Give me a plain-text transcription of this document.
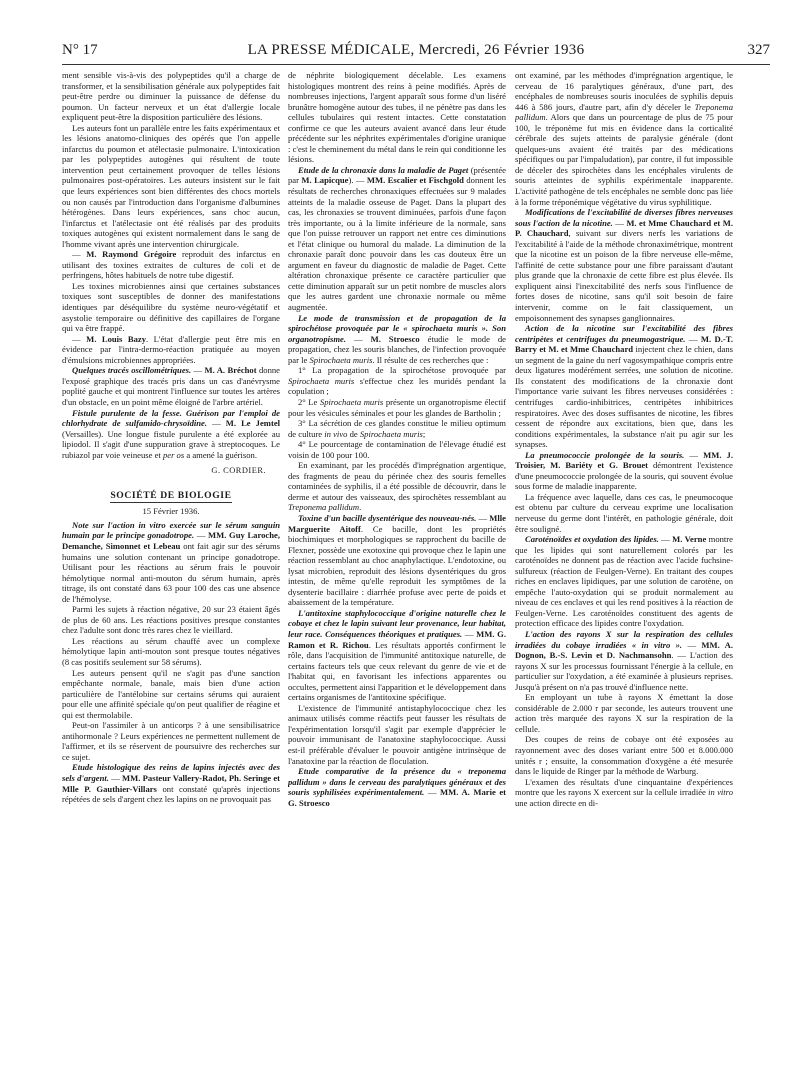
N° 17	LA PRESSE MÉDICALE, Mercredi, 26 Février 1936	327

ment sensible vis-à-vis des polypeptides qu'il a charge de transformer, et la sensibilisation générale aux polypeptides fait peut-être perdre ou diminuer la puissance de défense du poumon. Un facteur nerveux et un état d'allergie locale expliquent peut-être la disposition particulière des lésions.

Les auteurs font un parallèle entre les faits expérimentaux et les lésions anatomo-cliniques des opérés que l'on appelle infarctus du poumon et atélectasie pulmonaire. L'intoxication par les polypeptides autogènes qui résultent de toute intervention peut certainement provoquer de telles lésions pulmonaires post-opératoires. Les auteurs insistent sur le fait que leurs expériences sont bien différentes des chocs mortels ou non causés par l'introduction dans l'organisme d'albumines hétérogènes. Dans leurs expériences, sans choc aucun, l'infarctus et l'atélectasie ont été réalisés par des produits toxiques autogènes qui existent normalement dans le sang de l'homme vivant après une intervention chirurgicale.

— M. Raymond Grégoire reproduit des infarctus en utilisant des toxines extraites de cultures de coli et de perfringens, hôtes habituels de notre tube digestif.

Les toxines microbiennes ainsi que certaines substances toxiques sont susceptibles de donner des manifestations identiques par déséquilibre du système neuro-végétatif et asystolie temporaire ou définitive des capillaires de l'organe qui va être frappé.

— M. Louis Bazy. L'état d'allergie peut être mis en évidence par l'intra-dermo-réaction pratiquée au moyen d'émulsions microbiennes appropriées.

Quelques tracés oscillométriques. — M. A. Bréchot donne l'exposé graphique des tracés pris dans un cas d'anévrysme poplité gauche et qui montrent l'influence sur toutes les artères d'un obstacle, en un point même éloigné de l'arbre artériel.

Fistule purulente de la fesse. Guérison par l'emploi de chlorhydrate de sulfamido-chrysoïdine. — M. Le Jemtel (Versailles). Une longue fistule purulente a été explorée au lipiodol. Il s'agit d'une suppuration grave à streptocoques. Le rubiazol par voie veineuse et per os a amené la guérison.

G. CORDIER.
SOCIÉTÉ DE BIOLOGIE
15 Février 1936.

Note sur l'action in vitro exercée sur le sérum sanguin humain par le principe gonadotrope. — MM. Guy Laroche, Demanche, Simonnet et Lebeau ont fait agir sur des sérums humains une solution contenant un principe gonadotrope. Utilisant pour les réactions au sérum frais le pouvoir hémolytique normal anti-mouton du sérum humain, après titrage, ils ont constaté dans 63 pour 100 des cas une absence de l'hémolyse.

Parmi les sujets à réaction négative, 20 sur 23 étaient âgés de plus de 60 ans. Les réactions positives presque constantes chez l'adulte sont donc très rares chez le vieillard.

Les réactions au sérum chauffé avec un complexe hémolytique lapin anti-mouton sont presque toutes négatives (8 cas positifs seulement sur 58 sérums).

Les auteurs pensent qu'il ne s'agit pas d'une sanction empêchante normale, banale, mais bien d'une action particulière de l'antélobine sur certains sérums qui auraient pour elle une affinité spéciale qu'on peut qualifier de réagine et qui est thermolabile.

Peut-on l'assimiler à un anticorps ? à une sensibilisatrice antihormonale ? Leurs expériences ne permettent nullement de l'affirmer, et ils se réservent de poursuivre des recherches sur ce sujet.

Etude histologique des reins de lapins injectés avec des sels d'argent. — MM. Pasteur Vallery-Radot, Ph. Seringe et Mlle P. Gauthier-Villars ont constaté qu'après injections répétées de sels d'argent chez les lapins on ne provoquait pas

de néphrite biologiquement décelable. Les examens histologiques montrent des reins à peine modifiés. Après de nombreuses injections, l'argent apparaît sous forme d'un liséré brunâtre homogène autour des tubes, il ne pénètre pas dans les cellules tubulaires qui restent intactes. Cette constatation confirme ce que les auteurs avaient avancé dans leur étude précédente sur les néphrites expérimentales d'origine uranique : c'est le cheminement du métal dans le rein qui conditionne les lésions.

Etude de la chronaxie dans la maladie de Paget (présentée par M. Lapicque). — MM. Escalier et Fischgold donnent les résultats de recherches chronaxiques effectuées sur 9 malades atteints de la maladie osseuse de Paget. Dans la plupart des cas, les chronaxies se trouvent diminuées, parfois d'une façon très importante, ou à la limite inférieure de la normale, sans que l'on puisse retrouver un rapport net entre ces diminutions et l'état clinique ou humoral du malade. La diminution de la chronaxie paraît donc pouvoir dans les cas douteux être un argument en faveur du diagnostic de maladie de Paget. Cette altération chronaxique présente ce caractère particulier que cette diminution apparaît sur un petit nombre de muscles alors que les autres gardent une chronaxie normale ou même augmentée.

Le mode de transmission et de propagation de la spirochétose provoquée par le « spirochaeta muris ». Son organotropisme. — M. Stroesco étudie le mode de propagation, chez les souris blanches, de l'infection provoquée par le Spirochaeta muris. Il résulte de ces recherches que :

1° La propagation de la spirochétose provoquée par Spirochaeta muris s'effectue chez les muridés pendant la copulation ;

2° Le Spirochaeta muris présente un organotropisme électif pour les vésicules séminales et pour les glandes de Bartholin ;

3° La sécrétion de ces glandes constitue le milieu optimum de culture in vivo de Spirochaeta muris;

4° Le pourcentage de contamination de l'élevage étudié est voisin de 100 pour 100.

En examinant, par les procédés d'imprégnation argentique, des fragments de peau du périnée chez des souris femelles contaminées de syphilis, il a été possible de découvrir, dans le derme et autour des vaisseaux, des spirochètes ressemblant au Treponema pallidum.

Toxine d'un bacille dysentérique des nouveau-nés. — Mlle Marguerite Aitoff. Ce bacille, dont les propriétés biochimiques et morphologiques se rapprochent du bacille de Flexner, possède une exotoxine qui provoque chez le lapin une réaction ressemblant au choc anaphylactique. L'endotoxine, ou lysat microbien, reproduit des lésions dysentériques du gros intestin, de même qu'elle reproduit les symptômes de la dysenterie bacillaire : diarrhée profuse avec perte de poids et abaissement de la température.

L'antitoxine staphylococcique d'origine naturelle chez le cobaye et chez le lapin suivant leur provenance, leur habitat, leur race. Conséquences théoriques et pratiques. — MM. G. Ramon et R. Richou. Les résultats apportés confirment le rôle, dans l'acquisition de l'immunité antitoxique naturelle, de certains facteurs tels que ceux relevant du genre de vie et de l'habitat qui, en favorisant les infections apparentes ou occultes, permettent ainsi l'apparition et le développement dans certains organismes de l'antitoxine spécifique.

L'existence de l'immunité antistaphylococcique chez les animaux utilisés comme réactifs peut fausser les résultats de l'expérimentation lorsqu'il s'agit par exemple d'apprécier le pouvoir immunisant de l'anatoxine staphylococcique. Aussi est-il préférable d'évaluer le pouvoir antigène intrinsèque de l'anatoxine par la réaction de floculation.

Etude comparative de la présence du « treponema pallidum » dans le cerveau des paralytiques généraux et des souris syphilisées expérimentalement. — MM. A. Marie et G. Stroesco

ont examiné, par les méthodes d'imprégnation argentique, le cerveau de 16 paralytiques généraux, d'une part, des encéphales de nombreuses souris inoculées de syphilis depuis 446 à 586 jours, d'autre part, afin d'y déceler le Treponema pallidum. Alors que dans un pourcentage de plus de 75 pour 100, le tréponème fut mis en évidence dans la corticalité cérébrale des sujets atteints de paralysie générale (dont quelques-uns avaient été traités par des médications spécifiques ou par l'impaludation), par contre, il fut impossible de déceler des spirochètes dans les encéphales virulents de souris atteintes de syphilis expérimentale inapparente. L'activité pathogène de tels encéphales ne semble donc pas liée à la forme tréponémique végétative du virus syphilitique.

Modifications de l'excitabilité de diverses fibres nerveuses sous l'action de la nicotine. — M. et Mme Chauchard et M. P. Chauchard, suivant sur divers nerfs les variations de l'excitabilité à l'aide de la méthode chronaximétrique, montrent que la nicotine est un poison de la fibre nerveuse elle-même, l'affinité de cette substance pour une fibre paraissant d'autant plus grande que la chronaxie de cette fibre est plus élevée. Ils expliquent ainsi l'inexcitabilité des nerfs sous l'influence de fortes doses de nicotine, sans qu'il soit besoin de faire intervenir, comme on le fait classiquement, un empoisonnement des synapses ganglionnaires.

Action de la nicotine sur l'excitabilité des fibres centripètes et centrifuges du pneumogastrique. — M. D.-T. Barry et M. et Mme Chauchard injectent chez le chien, dans un segment de la gaine du nerf vagosympathique compris entre deux ligatures modérément serrées, une solution de nicotine. Ils constatent des modifications de la chronaxie dont l'importance varie suivant les fibres nerveuses considérées : centrifuges cardio-inhibitrices, centripètes inhibitrices respiratoires. Avec des doses suffisantes de nicotine, les fibres cessent de répondre aux excitations, bien que, dans les conditions expérimentales, la substance n'ait pu agir sur les synapses.

La pneumococcie prolongée de la souris. — MM. J. Troisier, M. Bariéty et G. Brouet démontrent l'existence d'une pneumococcie prolongée de la souris, qui souvent évolue sous forme de maladie inapparente.

La fréquence avec laquelle, dans ces cas, le pneumocoque est obtenu par culture du cerveau exprime une localisation nerveuse du germe dont l'intérêt, en pathologie générale, doit être souligné.

Caroténoïdes et oxydation des lipides. — M. Verne montre que les lipides qui sont naturellement colorés par les caroténoïdes ne donnent pas de réaction avec l'acide fuchsine-sulfureux (réaction de Feulgen-Verne). En traitant des coupes riches en enclaves lipidiques, par une solution de carotène, on empêche l'auto-oxydation qui se produit normalement au niveau de ces enclaves et qui les rend positives à la réaction de Feulgen-Verne. Les caroténoïdes constituent des agents de protection efficace des lipides contre l'oxydation.

L'action des rayons X sur la respiration des cellules irradiées du cobaye irradiées « in vitro ». — MM. A. Dognon, B.-S. Levin et D. Nachmansohn. — L'action des rayons X sur les processus fournissant l'énergie à la cellule, en particulier sur l'oxydation, a été examinée à plusieurs reprises. Jusqu'à présent on n'a pas trouvé d'influence nette.

En employant un tube à rayons X émettant la dose considérable de 2.000 r par seconde, les auteurs trouvent une action très marquée des rayons X sur la respiration de la cellule.

Des coupes de reins de cobaye ont été exposées au rayonnement avec des doses variant entre 500 et 8.000.000 unités r ; ensuite, la consommation d'oxygène a été mesurée dans le liquide de Ringer par la méthode de Warburg.

L'examen des résultats d'une cinquantaine d'expériences montre que les rayons X exercent sur la cellule irradiée in vitro une action directe en di-
